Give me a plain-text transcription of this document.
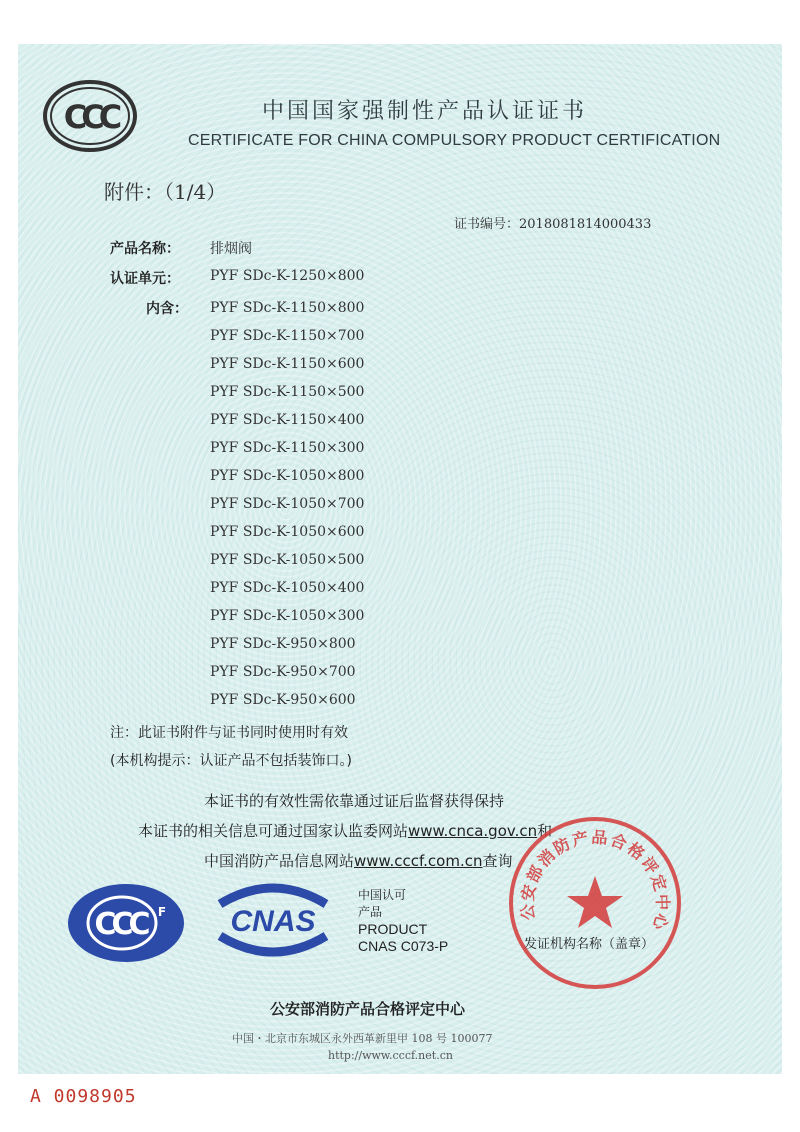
CCC	中国国家强制性产品认证证书
CERTIFICATE FOR CHINA COMPULSORY PRODUCT CERTIFICATION
附件：（1/4）
证书编号：2018081814000433
产品名称： 排烟阀
认证单元： PYF SDc-K-1250×800
内含： PYF SDc-K-1150×800
PYF SDc-K-1150×700
PYF SDc-K-1150×600
PYF SDc-K-1150×500
PYF SDc-K-1150×400
PYF SDc-K-1150×300
PYF SDc-K-1050×800
PYF SDc-K-1050×700
PYF SDc-K-1050×600
PYF SDc-K-1050×500
PYF SDc-K-1050×400
PYF SDc-K-1050×300
PYF SDc-K-950×800
PYF SDc-K-950×700
PYF SDc-K-950×600
注：此证书附件与证书同时使用时有效
(本机构提示：认证产品不包括装饰口。)
本证书的有效性需依靠通过证后监督获得保持
本证书的相关信息可通过国家认监委网站www.cnca.gov.cn和
中国消防产品信息网站www.cccf.com.cn查询
CCC	F CNAS
中国认可
产品
PRODUCT
CNAS C073-P
公安部消防产品合格评定中心
发证机构名称（盖章）
公安部消防产品合格评定中心
中国・北京市东城区永外西革新里甲 108 号 100077
http://www.cccf.net.cn
A 0098905
